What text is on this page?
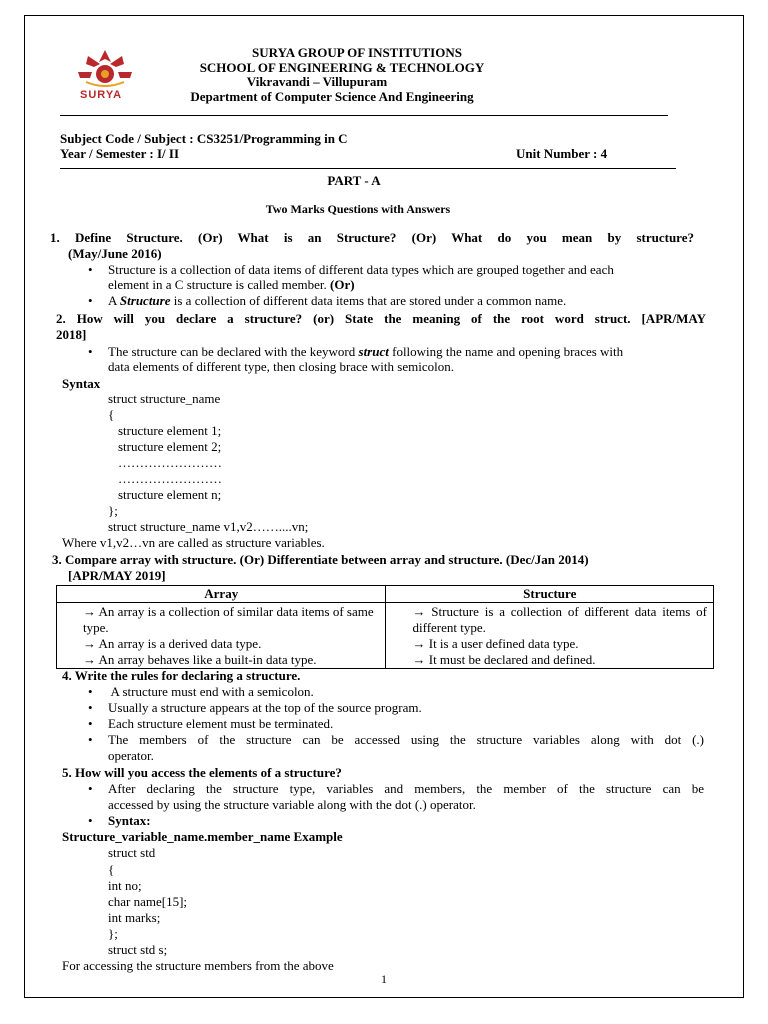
SURYA
SURYA GROUP OF INSTITUTIONS
SCHOOL OF ENGINEERING & TECHNOLOGY
Vikravandi – Villupuram
Department of Computer Science And Engineering
Subject Code / Subject : CS3251/Programming in C
Year / Semester : I/ II	Unit Number : 4
PART - A
Two Marks Questions with Answers
1. Define Structure. (Or) What is an Structure? (Or) What do you mean by structure?
(May/June 2016)
• Structure is a collection of data items of different data types which are grouped together and each
element in a C structure is called member. (Or)
• A Structure is a collection of different data items that are stored under a common name.
2. How will you declare a structure? (or) State the meaning of the root word struct. [APR/MAY
2018]
• The structure can be declared with the keyword struct following the name and opening braces with
data elements of different type, then closing brace with semicolon.
Syntax
struct structure_name
{
structure element 1;
structure element 2;
……………………
……………………
structure element n;
};
struct structure_name v1,v2……....vn;
Where v1,v2…vn are called as structure variables.
3. Compare array with structure. (Or) Differentiate between array and structure. (Dec/Jan 2014)
[APR/MAY 2019]
Array	Structure
→ An array is a collection of similar data items of same type.	→ Structure is a collection of different data items of different type.
→ An array is a derived data type.	→ It is a user defined data type.
→ An array behaves like a built-in data type.	→ It must be declared and defined.
4. Write the rules for declaring a structure.
• A structure must end with a semicolon.
• Usually a structure appears at the top of the source program.
• Each structure element must be terminated.
• The members of the structure can be accessed using the structure variables along with dot (.)
operator.
5. How will you access the elements of a structure?
• After declaring the structure type, variables and members, the member of the structure can be
accessed by using the structure variable along with the dot (.) operator.
• Syntax:
Structure_variable_name.member_name Example
struct std
{
int no;
char name[15];
int marks;
};
struct std s;
For accessing the structure members from the above
1
